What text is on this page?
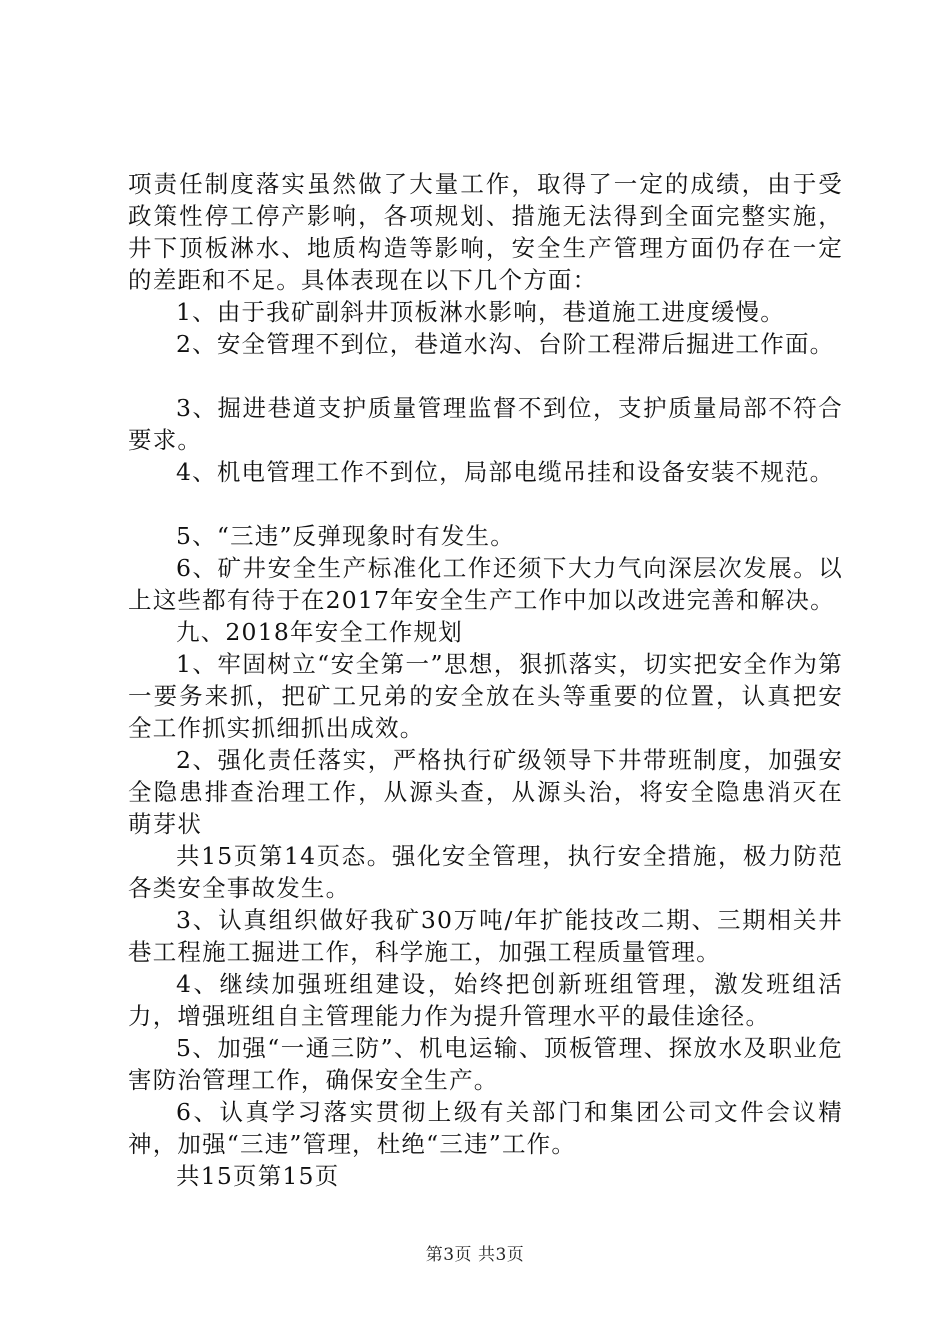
项责任制度落实虽然做了大量工作，取得了一定的成绩，由于受政策性停工停产影响，各项规划、措施无法得到全面完整实施，井下顶板淋水、地质构造等影响，安全生产管理方面仍存在一定的差距和不足。具体表现在以下几个方面：

1、由于我矿副斜井顶板淋水影响，巷道施工进度缓慢。

2、安全管理不到位，巷道水沟、台阶工程滞后掘进工作面。

3、掘进巷道支护质量管理监督不到位，支护质量局部不符合要求。

4、机电管理工作不到位，局部电缆吊挂和设备安装不规范。

5、“三违”反弹现象时有发生。

6、矿井安全生产标准化工作还须下大力气向深层次发展。以上这些都有待于在2017年安全生产工作中加以改进完善和解决。

九、2018年安全工作规划

1、牢固树立“安全第一”思想，狠抓落实，切实把安全作为第一要务来抓，把矿工兄弟的安全放在头等重要的位置，认真把安全工作抓实抓细抓出成效。

2、强化责任落实，严格执行矿级领导下井带班制度，加强安全隐患排查治理工作，从源头查，从源头治，将安全隐患消灭在萌芽状

共15页第14页态。强化安全管理，执行安全措施，极力防范各类安全事故发生。

3、认真组织做好我矿30万吨/年扩能技改二期、三期相关井巷工程施工掘进工作，科学施工，加强工程质量管理。

4、继续加强班组建设，始终把创新班组管理，激发班组活力，增强班组自主管理能力作为提升管理水平的最佳途径。

5、加强“一通三防”、机电运输、顶板管理、探放水及职业危害防治管理工作，确保安全生产。

6、认真学习落实贯彻上级有关部门和集团公司文件会议精神，加强“三违”管理，杜绝“三违”工作。

共15页第15页

第3页 共3页
